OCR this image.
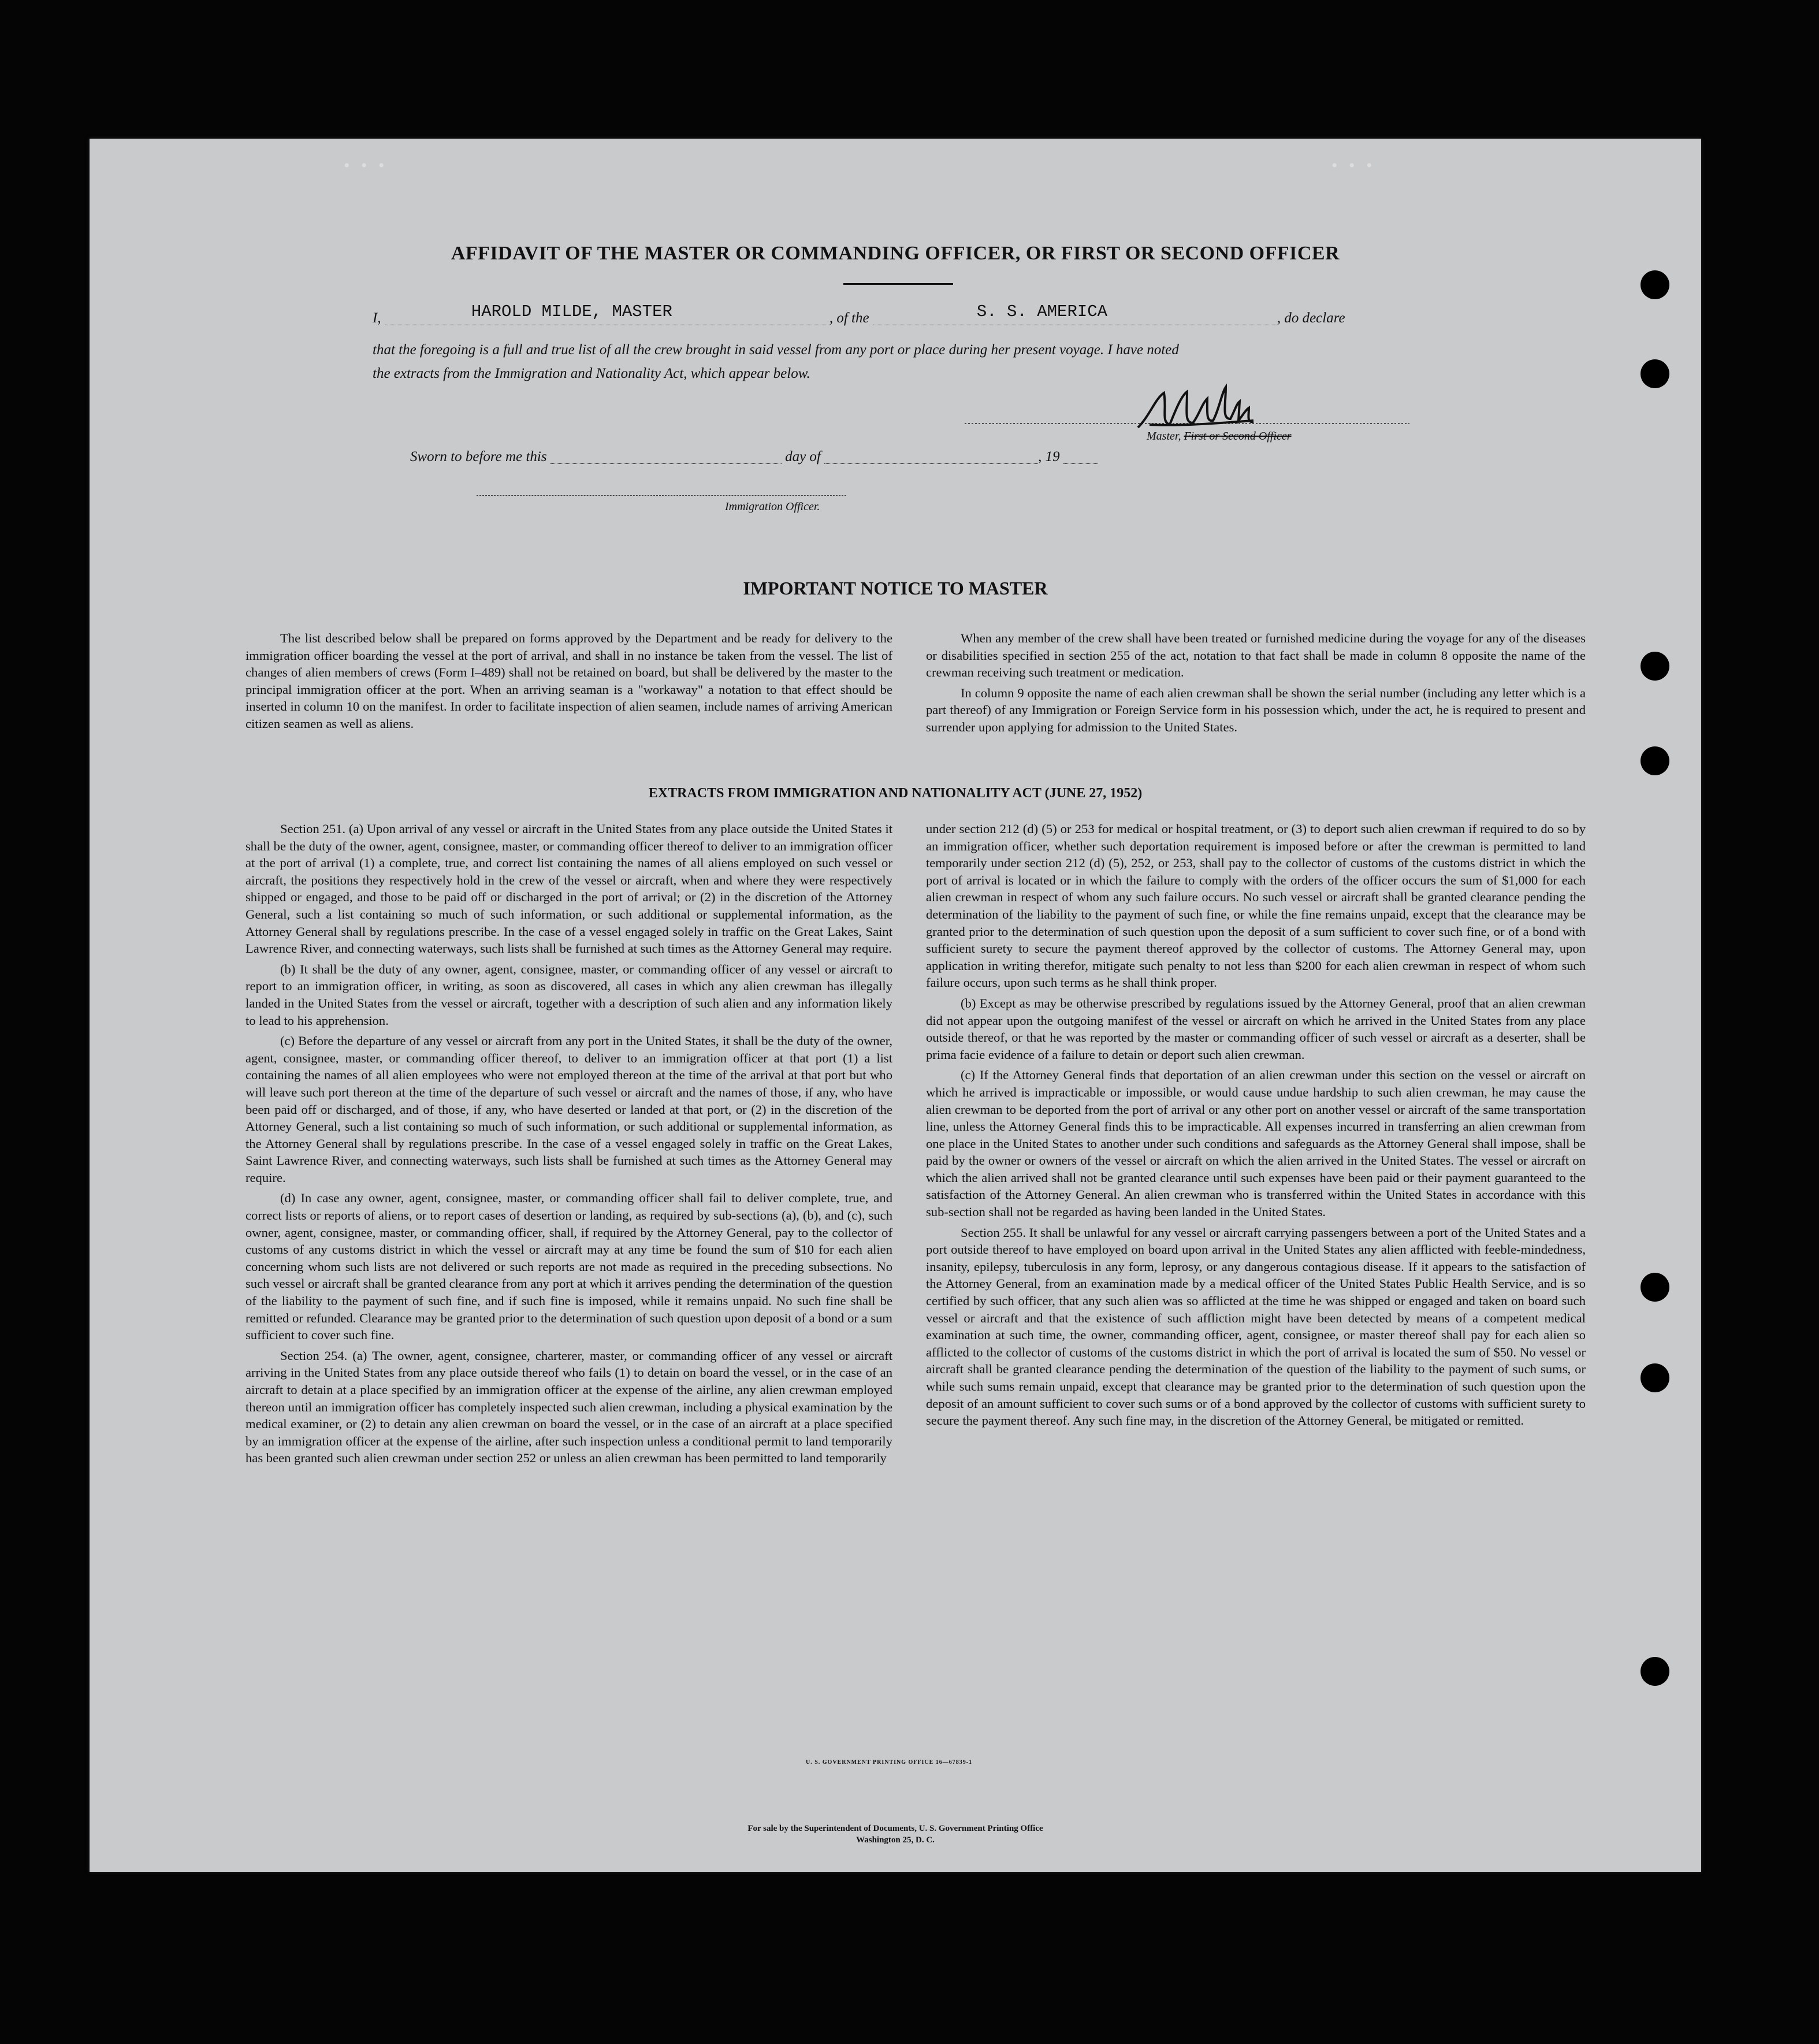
• • •	• • •
AFFIDAVIT OF THE MASTER OR COMMANDING OFFICER, OR FIRST OR SECOND OFFICER
I,	HAROLD MILDE, MASTER	, of the	S. S. AMERICA	, do declare
that the foregoing is a full and true list of all the crew brought in said vessel from any port or place during her present voyage. I have noted
the extracts from the Immigration and Nationality Act, which appear below.
Master, First or Second Officer
Sworn to before me this	day of	, 19
Immigration Officer.
IMPORTANT NOTICE TO MASTER

The list described below shall be prepared on forms approved by the Department and be ready for delivery to the immigration officer boarding the vessel at the port of arrival, and shall in no instance be taken from the vessel. The list of changes of alien members of crews (Form I–489) shall not be retained on board, but shall be delivered by the master to the principal immigration officer at the port. When an arriving seaman is a "workaway" a notation to that effect should be inserted in column 10 on the manifest. In order to facilitate inspection of alien seamen, include names of arriving American citizen seamen as well as aliens.

When any member of the crew shall have been treated or furnished medicine during the voyage for any of the diseases or disabilities specified in section 255 of the act, notation to that fact shall be made in column 8 opposite the name of the crewman receiving such treatment or medication.

In column 9 opposite the name of each alien crewman shall be shown the serial number (including any letter which is a part thereof) of any Immigration or Foreign Service form in his possession which, under the act, he is required to present and surrender upon applying for admission to the United States.

EXTRACTS FROM IMMIGRATION AND NATIONALITY ACT (JUNE 27, 1952)

Section 251. (a) Upon arrival of any vessel or aircraft in the United States from any place outside the United States it shall be the duty of the owner, agent, consignee, master, or commanding officer thereof to deliver to an immigration officer at the port of arrival (1) a complete, true, and correct list containing the names of all aliens employed on such vessel or aircraft, the positions they respectively hold in the crew of the vessel or aircraft, when and where they were respectively shipped or engaged, and those to be paid off or discharged in the port of arrival; or (2) in the discretion of the Attorney General, such a list containing so much of such information, or such additional or supplemental information, as the Attorney General shall by regulations prescribe. In the case of a vessel engaged solely in traffic on the Great Lakes, Saint Lawrence River, and connecting waterways, such lists shall be furnished at such times as the Attorney General may require.

(b) It shall be the duty of any owner, agent, consignee, master, or commanding officer of any vessel or aircraft to report to an immigration officer, in writing, as soon as discovered, all cases in which any alien crewman has illegally landed in the United States from the vessel or aircraft, together with a description of such alien and any information likely to lead to his apprehension.

(c) Before the departure of any vessel or aircraft from any port in the United States, it shall be the duty of the owner, agent, consignee, master, or commanding officer thereof, to deliver to an immigration officer at that port (1) a list containing the names of all alien employees who were not employed thereon at the time of the arrival at that port but who will leave such port thereon at the time of the departure of such vessel or aircraft and the names of those, if any, who have been paid off or discharged, and of those, if any, who have deserted or landed at that port, or (2) in the discretion of the Attorney General, such a list containing so much of such information, or such additional or supplemental information, as the Attorney General shall by regulations prescribe. In the case of a vessel engaged solely in traffic on the Great Lakes, Saint Lawrence River, and connecting waterways, such lists shall be furnished at such times as the Attorney General may require.

(d) In case any owner, agent, consignee, master, or commanding officer shall fail to deliver complete, true, and correct lists or reports of aliens, or to report cases of desertion or landing, as required by sub-sections (a), (b), and (c), such owner, agent, consignee, master, or commanding officer, shall, if required by the Attorney General, pay to the collector of customs of any customs district in which the vessel or aircraft may at any time be found the sum of $10 for each alien concerning whom such lists are not delivered or such reports are not made as required in the preceding subsections. No such vessel or aircraft shall be granted clearance from any port at which it arrives pending the determination of the question of the liability to the payment of such fine, and if such fine is imposed, while it remains unpaid. No such fine shall be remitted or refunded. Clearance may be granted prior to the determination of such question upon deposit of a bond or a sum sufficient to cover such fine.

Section 254. (a) The owner, agent, consignee, charterer, master, or commanding officer of any vessel or aircraft arriving in the United States from any place outside thereof who fails (1) to detain on board the vessel, or in the case of an aircraft to detain at a place specified by an immigration officer at the expense of the airline, any alien crewman employed thereon until an immigration officer has completely inspected such alien crewman, including a physical examination by the medical examiner, or (2) to detain any alien crewman on board the vessel, or in the case of an aircraft at a place specified by an immigration officer at the expense of the airline, after such inspection unless a conditional permit to land temporarily has been granted such alien crewman under section 252 or unless an alien crewman has been permitted to land temporarily

under section 212 (d) (5) or 253 for medical or hospital treatment, or (3) to deport such alien crewman if required to do so by an immigration officer, whether such deportation requirement is imposed before or after the crewman is permitted to land temporarily under section 212 (d) (5), 252, or 253, shall pay to the collector of customs of the customs district in which the port of arrival is located or in which the failure to comply with the orders of the officer occurs the sum of $1,000 for each alien crewman in respect of whom any such failure occurs. No such vessel or aircraft shall be granted clearance pending the determination of the liability to the payment of such fine, or while the fine remains unpaid, except that the clearance may be granted prior to the determination of such question upon the deposit of a sum sufficient to cover such fine, or of a bond with sufficient surety to secure the payment thereof approved by the collector of customs. The Attorney General may, upon application in writing therefor, mitigate such penalty to not less than $200 for each alien crewman in respect of whom such failure occurs, upon such terms as he shall think proper.

(b) Except as may be otherwise prescribed by regulations issued by the Attorney General, proof that an alien crewman did not appear upon the outgoing manifest of the vessel or aircraft on which he arrived in the United States from any place outside thereof, or that he was reported by the master or commanding officer of such vessel or aircraft as a deserter, shall be prima facie evidence of a failure to detain or deport such alien crewman.

(c) If the Attorney General finds that deportation of an alien crewman under this section on the vessel or aircraft on which he arrived is impracticable or impossible, or would cause undue hardship to such alien crewman, he may cause the alien crewman to be deported from the port of arrival or any other port on another vessel or aircraft of the same transportation line, unless the Attorney General finds this to be impracticable. All expenses incurred in transferring an alien crewman from one place in the United States to another under such conditions and safeguards as the Attorney General shall impose, shall be paid by the owner or owners of the vessel or aircraft on which the alien arrived in the United States. The vessel or aircraft on which the alien arrived shall not be granted clearance until such expenses have been paid or their payment guaranteed to the satisfaction of the Attorney General. An alien crewman who is transferred within the United States in accordance with this sub-section shall not be regarded as having been landed in the United States.

Section 255. It shall be unlawful for any vessel or aircraft carrying passengers between a port of the United States and a port outside thereof to have employed on board upon arrival in the United States any alien afflicted with feeble-mindedness, insanity, epilepsy, tuberculosis in any form, leprosy, or any dangerous contagious disease. If it appears to the satisfaction of the Attorney General, from an examination made by a medical officer of the United States Public Health Service, and is so certified by such officer, that any such alien was so afflicted at the time he was shipped or engaged and taken on board such vessel or aircraft and that the existence of such affliction might have been detected by means of a competent medical examination at such time, the owner, commanding officer, agent, consignee, or master thereof shall pay for each alien so afflicted to the collector of customs of the customs district in which the port of arrival is located the sum of $50. No vessel or aircraft shall be granted clearance pending the determination of the question of the liability to the payment of such sums, or while such sums remain unpaid, except that clearance may be granted prior to the determination of such question upon the deposit of an amount sufficient to cover such sums or of a bond approved by the collector of customs with sufficient surety to secure the payment thereof. Any such fine may, in the discretion of the Attorney General, be mitigated or remitted.

U. S. GOVERNMENT PRINTING OFFICE 16—67839-1
For sale by the Superintendent of Documents, U. S. Government Printing Office
Washington 25, D. C.
